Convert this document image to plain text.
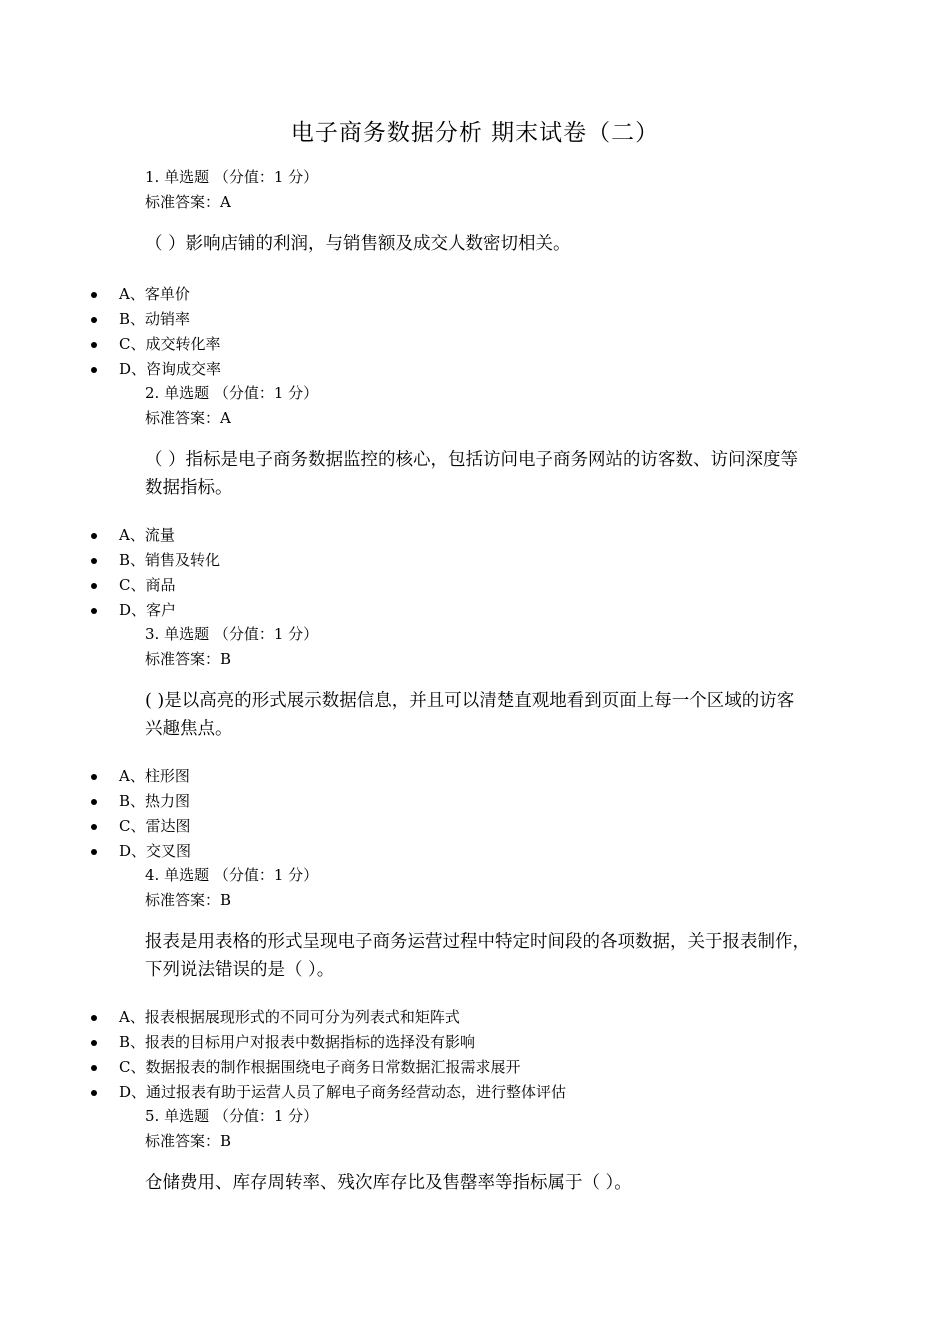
电子商务数据分析 期末试卷（二）
1. 单选题 （分值：1 分）
标准答案：A
（ ）影响店铺的利润，与销售额及成交人数密切相关。
A、客单价
B、动销率
C、成交转化率
D、咨询成交率
2. 单选题 （分值：1 分）
标准答案：A
（ ）指标是电子商务数据监控的核心，包括访问电子商务网站的访客数、访问深度等数据指标。
A、流量
B、销售及转化
C、商品
D、客户
3. 单选题 （分值：1 分）
标准答案：B
( )是以高亮的形式展示数据信息，并且可以清楚直观地看到页面上每一个区域的访客兴趣焦点。
A、柱形图
B、热力图
C、雷达图
D、交叉图
4. 单选题 （分值：1 分）
标准答案：B
报表是用表格的形式呈现电子商务运营过程中特定时间段的各项数据，关于报表制作，下列说法错误的是（ ）。
A、报表根据展现形式的不同可分为列表式和矩阵式
B、报表的目标用户对报表中数据指标的选择没有影响
C、数据报表的制作根据围绕电子商务日常数据汇报需求展开
D、通过报表有助于运营人员了解电子商务经营动态，进行整体评估
5. 单选题 （分值：1 分）
标准答案：B
仓储费用、库存周转率、残次库存比及售罄率等指标属于（ ）。
